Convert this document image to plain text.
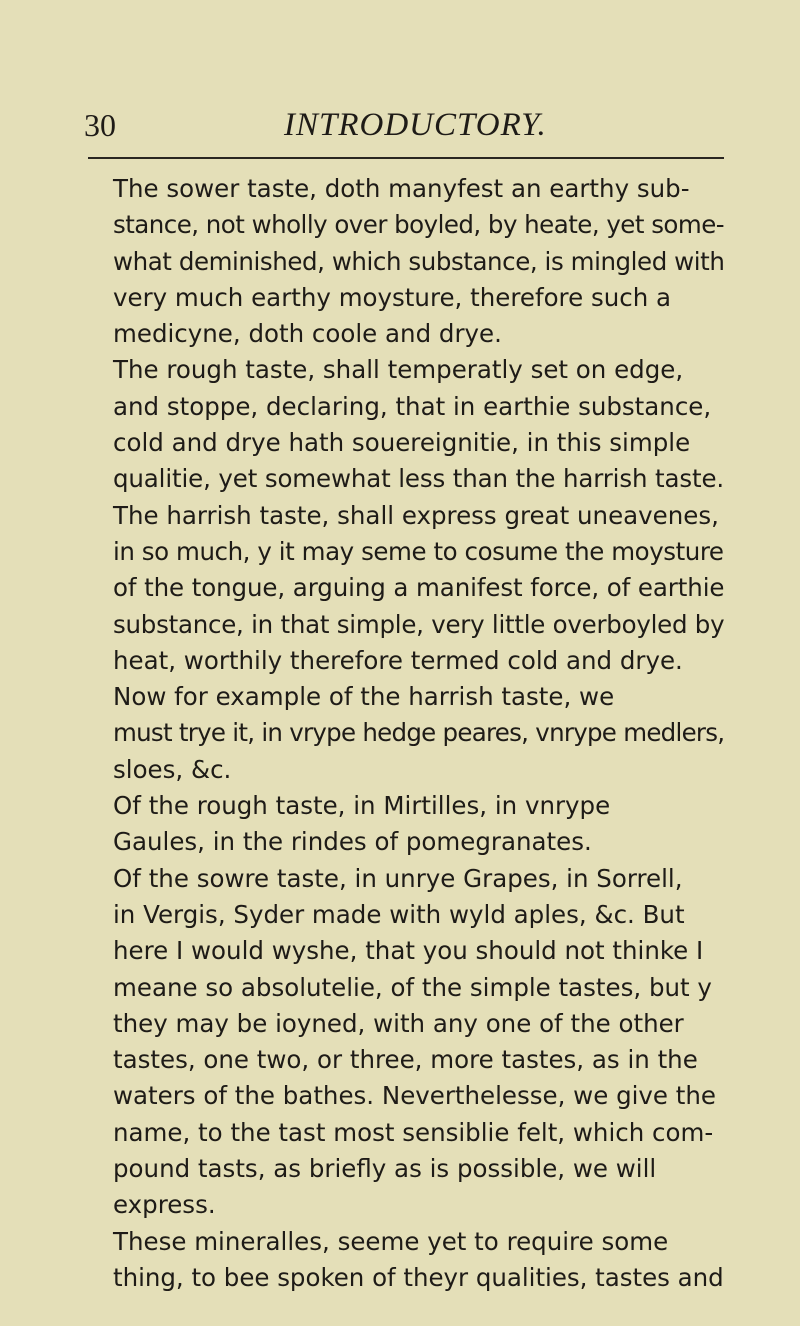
30	INTRODUCTORY.

The sower taste, doth manyfest an earthy sub-
stance, not wholly over boyled, by heate, yet some-
what deminished, which substance, is mingled with
very much earthy moysture, therefore such a
medicyne, doth coole and drye.

The rough taste, shall temperatly set on edge,
and stoppe, declaring, that in earthie substance,
cold and drye hath souereignitie, in this simple
qualitie, yet somewhat less than the harrish taste.

The harrish taste, shall express great uneavenes,
in so much, y it may seme to cosume the moysture
of the tongue, arguing a manifest force, of earthie
substance, in that simple, very little overboyled by
heat, worthily therefore termed cold and drye.

Now for example of the harrish taste, we
must trye it, in vrype hedge peares, vnrype medlers,
sloes, &c.

Of the rough taste, in Mirtilles, in vnrype
Gaules, in the rindes of pomegranates.

Of the sowre taste, in unrye Grapes, in Sorrell,
in Vergis, Syder made with wyld aples, &c. But
here I would wyshe, that you should not thinke I
meane so absolutelie, of the simple tastes, but y
they may be ioyned, with any one of the other
tastes, one two, or three, more tastes, as in the
waters of the bathes. Neverthelesse, we give the
name, to the tast most sensiblie felt, which com-
pound tasts, as briefly as is possible, we will
express.

These mineralles, seeme yet to require some
thing, to bee spoken of theyr qualities, tastes and
